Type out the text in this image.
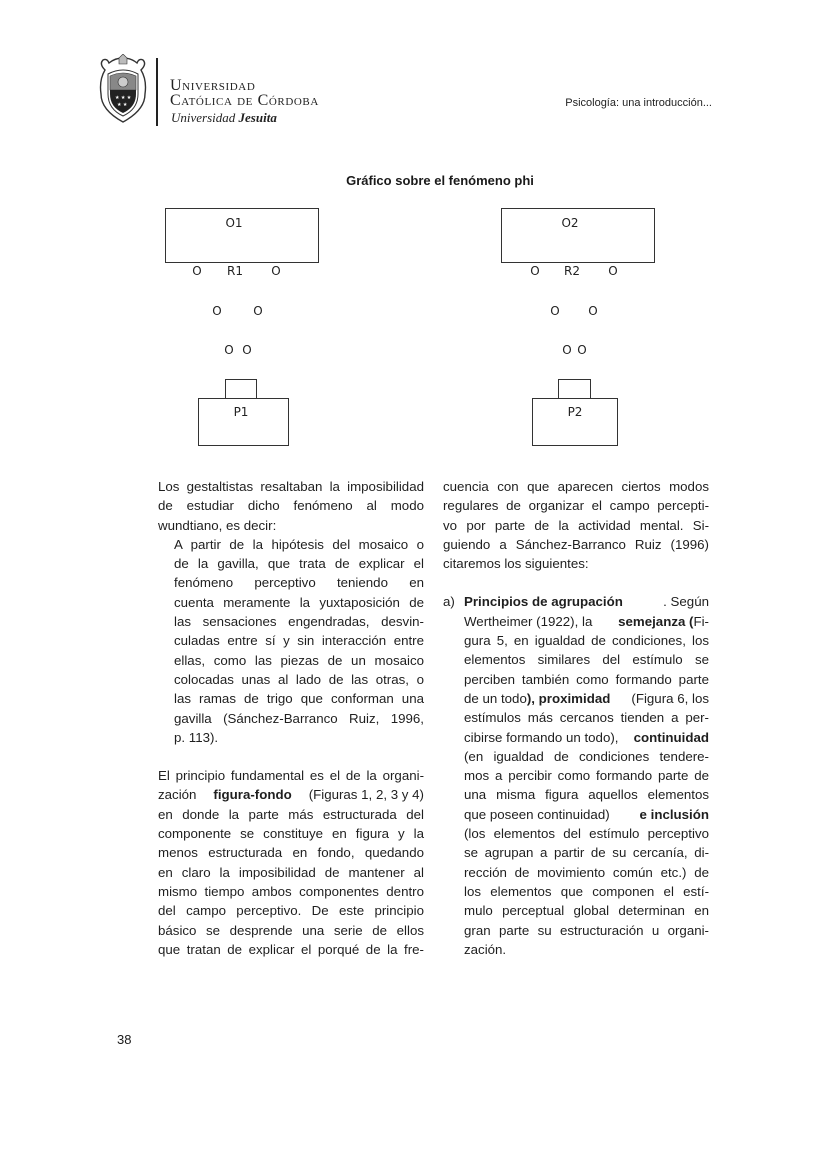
★ ★ ★
★ ★
Universidad
Católica de Córdoba
Universidad Jesuita
Psicología: una introducción...
Gráfico sobre el fenómeno phi
O1
O R1 O
O	O
O O
P1
O2
O R2 O
O O
O O
P2

Los gestaltistas resaltaban la imposibilidad
de estudiar dicho fenómeno al modo
wundtiano, es decir:

A partir de la hipótesis del mosaico o
de la gavilla, que trata de explicar el
fenómeno perceptivo teniendo en
cuenta meramente la yuxtaposición de
las sensaciones engendradas, desvin-
culadas entre sí y sin interacción entre
ellas, como las piezas de un mosaico
colocadas unas al lado de las otras, o
las ramas de trigo que conforman una
gavilla (Sánchez-Barranco Ruiz, 1996,
p. 113).

El principio fundamental es el de la organi-
zación figura-fondo (Figuras 1, 2, 3 y 4)
en donde la parte más estructurada del
componente se constituye en figura y la
menos estructurada en fondo, quedando
en claro la imposibilidad de mantener al
mismo tiempo ambos componentes dentro
del campo perceptivo. De este principio
básico se desprende una serie de ellos
que tratan de explicar el porqué de la fre-

cuencia con que aparecen ciertos modos
regulares de organizar el campo percepti-
vo por parte de la actividad mental. Si-
guiendo a Sánchez-Barranco Ruiz (1996)
citaremos los siguientes:

a) Principios de agrupación	. Según
Wertheimer (1922), la semejanza ( Fi-
gura 5, en igualdad de condiciones, los
elementos similares del estímulo se
perciben también como formando parte
de un todo ), proximidad (Figura 6, los
estímulos más cercanos tienden a per-
cibirse formando un todo), continuidad
(en igualdad de condiciones tendere-
mos a percibir como formando parte de
una misma figura aquellos elementos
que poseen continuidad) e inclusión
(los elementos del estímulo perceptivo
se agrupan a partir de su cercanía, di-
rección de movimiento común etc.) de
los elementos que componen el estí-
mulo perceptual global determinan en
gran parte su estructuración u organi-
zación.
38
